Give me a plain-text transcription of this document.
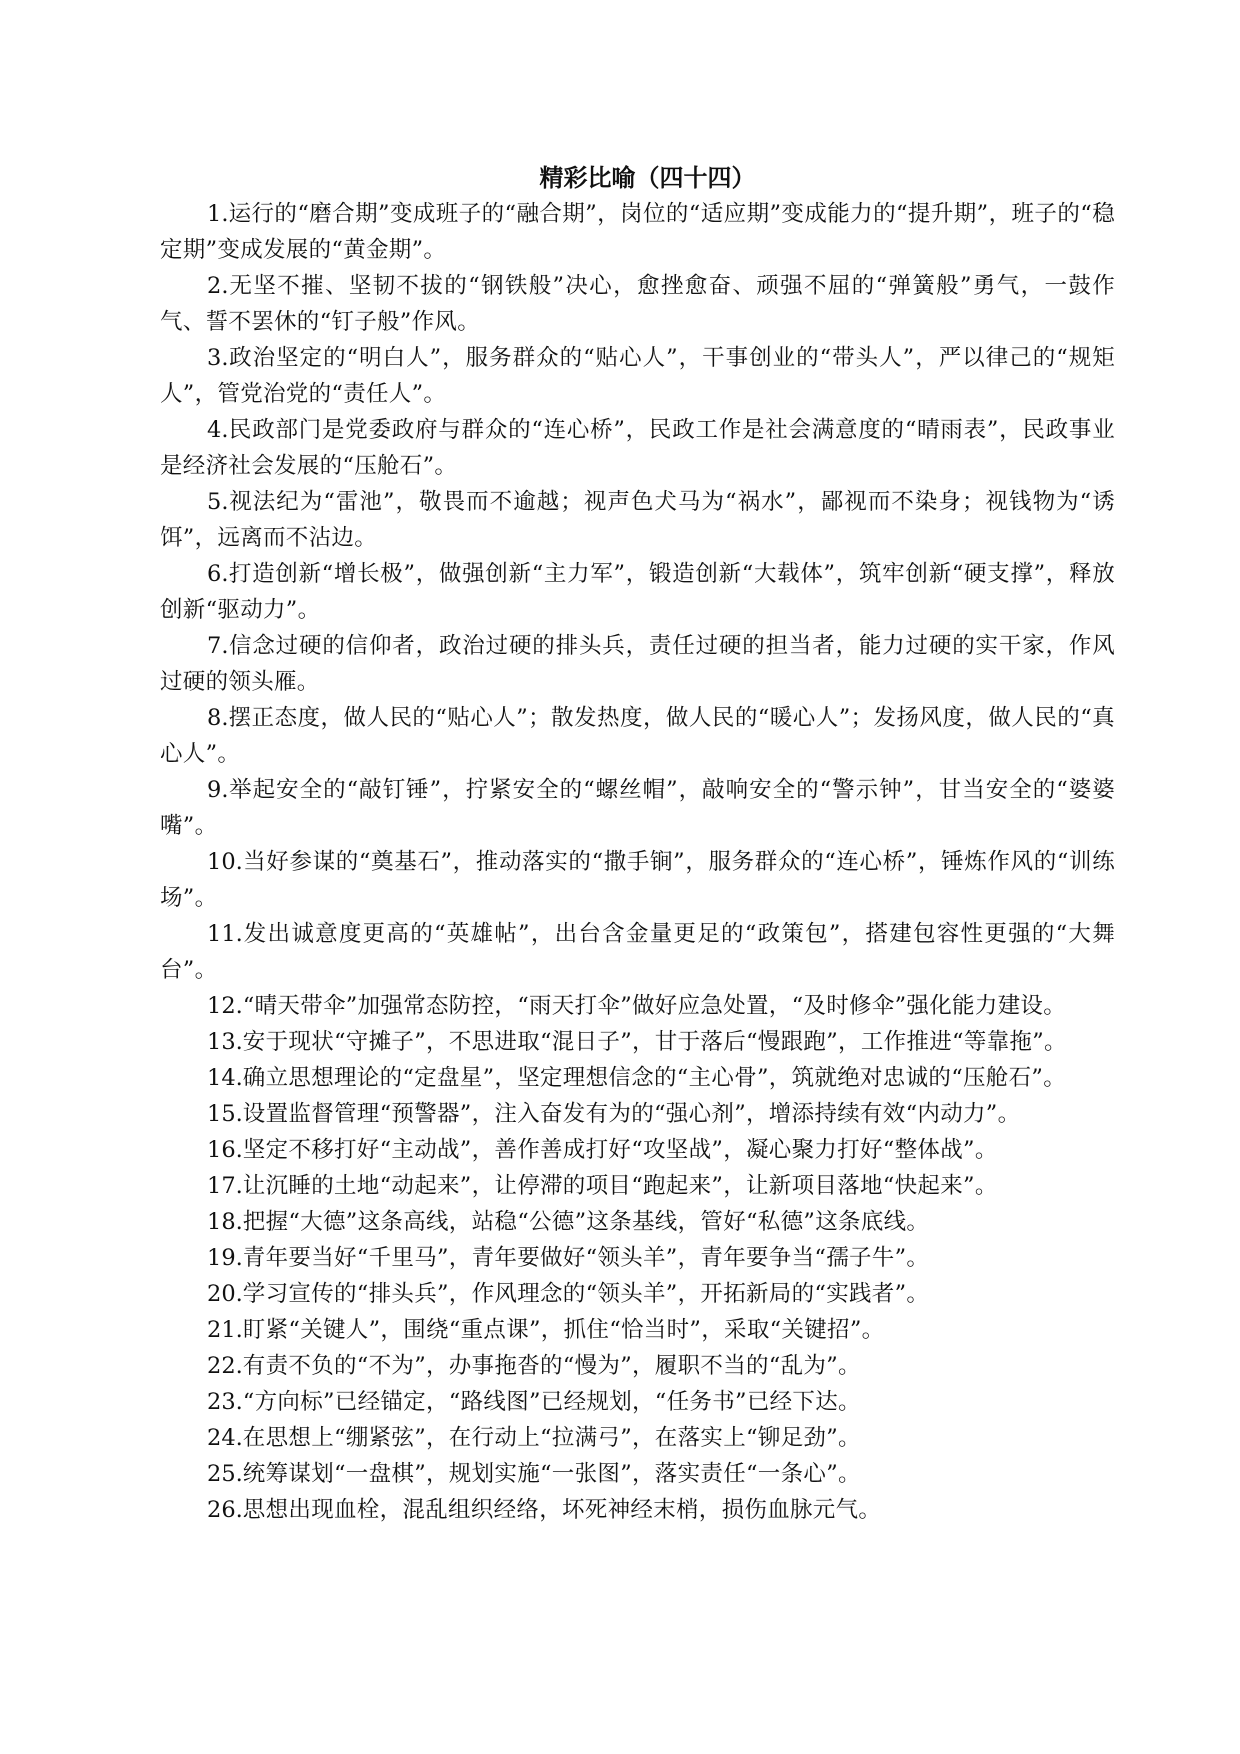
精彩比喻（四十四）
1.运行的“磨合期”变成班子的“融合期”，岗位的“适应期”变成能力的“提升期”，班子的“稳定期”变成发展的“黄金期”。
2.无坚不摧、坚韧不拔的“钢铁般”决心，愈挫愈奋、顽强不屈的“弹簧般”勇气，一鼓作气、誓不罢休的“钉子般”作风。
3.政治坚定的“明白人”，服务群众的“贴心人”，干事创业的“带头人”，严以律己的“规矩人”，管党治党的“责任人”。
4.民政部门是党委政府与群众的“连心桥”，民政工作是社会满意度的“晴雨表”，民政事业是经济社会发展的“压舱石”。
5.视法纪为“雷池”，敬畏而不逾越；视声色犬马为“祸水”，鄙视而不染身；视钱物为“诱饵”，远离而不沾边。
6.打造创新“增长极”，做强创新“主力军”，锻造创新“大载体”，筑牢创新“硬支撑”，释放创新“驱动力”。
7.信念过硬的信仰者，政治过硬的排头兵，责任过硬的担当者，能力过硬的实干家，作风过硬的领头雁。
8.摆正态度，做人民的“贴心人”；散发热度，做人民的“暖心人”；发扬风度，做人民的“真心人”。
9.举起安全的“敲钉锤”，拧紧安全的“螺丝帽”，敲响安全的“警示钟”，甘当安全的“婆婆嘴”。
10.当好参谋的“奠基石”，推动落实的“撒手锏”，服务群众的“连心桥”，锤炼作风的“训练场”。
11.发出诚意度更高的“英雄帖”，出台含金量更足的“政策包”，搭建包容性更强的“大舞台”。
12.“晴天带伞”加强常态防控，“雨天打伞”做好应急处置，“及时修伞”强化能力建设。
13.安于现状“守摊子”，不思进取“混日子”，甘于落后“慢跟跑”，工作推进“等靠拖”。
14.确立思想理论的“定盘星”，坚定理想信念的“主心骨”，筑就绝对忠诚的“压舱石”。
15.设置监督管理“预警器”，注入奋发有为的“强心剂”，增添持续有效“内动力”。
16.坚定不移打好“主动战”，善作善成打好“攻坚战”，凝心聚力打好“整体战”。
17.让沉睡的土地“动起来”，让停滞的项目“跑起来”，让新项目落地“快起来”。
18.把握“大德”这条高线，站稳“公德”这条基线，管好“私德”这条底线。
19.青年要当好“千里马”，青年要做好“领头羊”，青年要争当“孺子牛”。
20.学习宣传的“排头兵”，作风理念的“领头羊”，开拓新局的“实践者”。
21.盯紧“关键人”，围绕“重点课”，抓住“恰当时”，采取“关键招”。
22.有责不负的“不为”，办事拖沓的“慢为”，履职不当的“乱为”。
23.“方向标”已经锚定，“路线图”已经规划，“任务书”已经下达。
24.在思想上“绷紧弦”，在行动上“拉满弓”，在落实上“铆足劲”。
25.统筹谋划“一盘棋”，规划实施“一张图”，落实责任“一条心”。
26.思想出现血栓，混乱组织经络，坏死神经末梢，损伤血脉元气。
